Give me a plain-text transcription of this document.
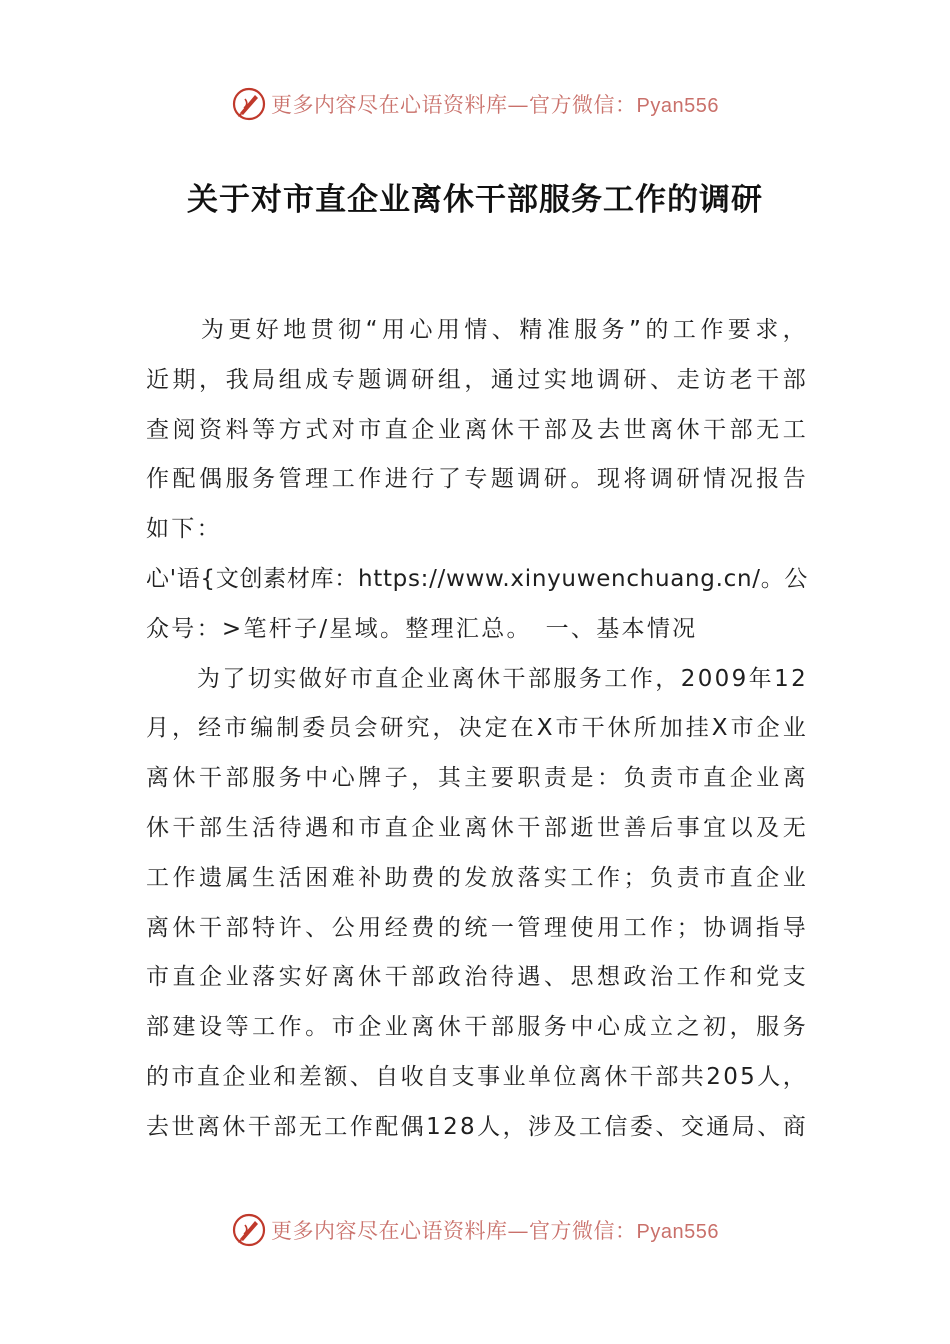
更多内容尽在心语资料库—官方微信：Pyan556
关于对市直企业离休干部服务工作的调研
　　为更好地贯彻“用心用情、精准服务”的工作要求，
近期，我局组成专题调研组，通过实地调研、走访老干部
查阅资料等方式对市直企业离休干部及去世离休干部无工
作配偶服务管理工作进行了专题调研。现将调研情况报告
如下：
心'语{文创素材库：https://www.xinyuwenchuang.cn/。公
众号：>笔杆子/星域。整理汇总。　一、基本情况
　　为了切实做好市直企业离休干部服务工作，2009年12
月，经市编制委员会研究，决定在X市干休所加挂X市企业
离休干部服务中心牌子，其主要职责是：负责市直企业离
休干部生活待遇和市直企业离休干部逝世善后事宜以及无
工作遗属生活困难补助费的发放落实工作；负责市直企业
离休干部特许、公用经费的统一管理使用工作；协调指导
市直企业落实好离休干部政治待遇、思想政治工作和党支
部建设等工作。市企业离休干部服务中心成立之初，服务
的市直企业和差额、自收自支事业单位离休干部共205人，
去世离休干部无工作配偶128人，涉及工信委、交通局、商
更多内容尽在心语资料库—官方微信：Pyan556
